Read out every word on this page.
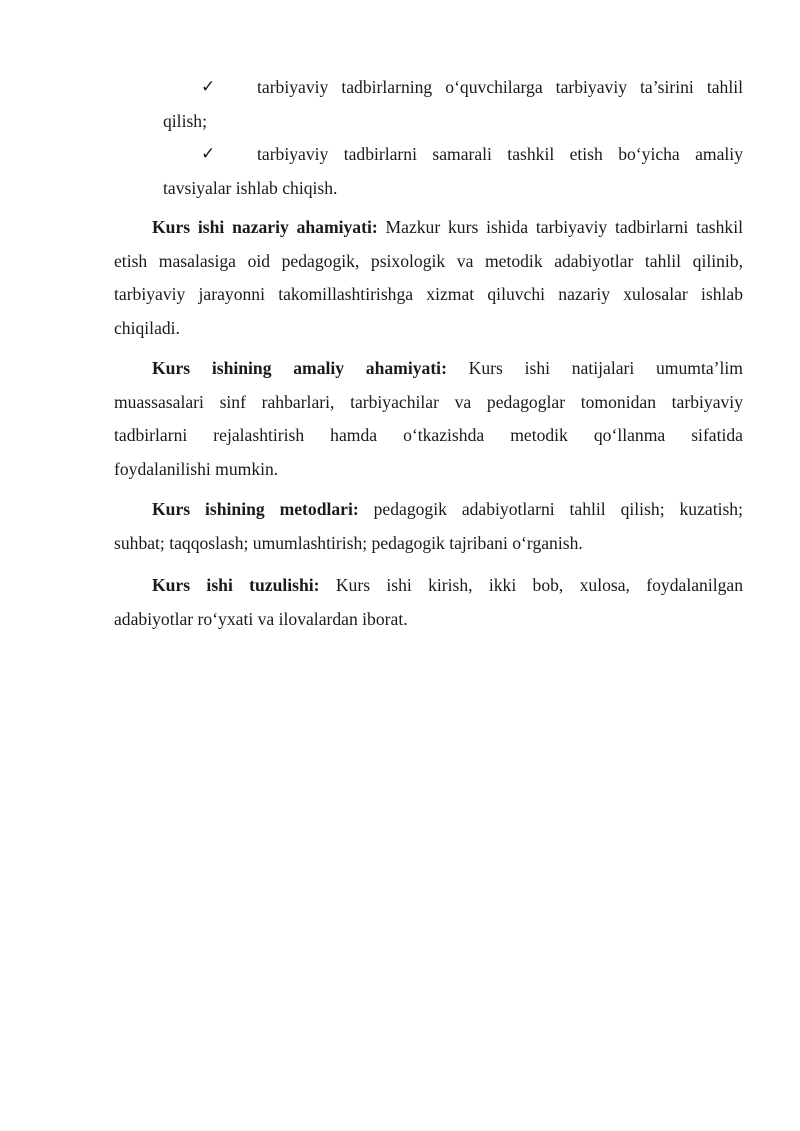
✓ tarbiyaviy tadbirlarning o‘quvchilarga tarbiyaviy ta’sirini tahlil
qilish;
✓ tarbiyaviy tadbirlarni samarali tashkil etish bo‘yicha amaliy
tavsiyalar ishlab chiqish.
Kurs ishi nazariy ahamiyati: Mazkur kurs ishida tarbiyaviy tadbirlarni tashkil
etish masalasiga oid pedagogik, psixologik va metodik adabiyotlar tahlil qilinib,
tarbiyaviy jarayonni takomillashtirishga xizmat qiluvchi nazariy xulosalar ishlab
chiqiladi.
Kurs ishining amaliy ahamiyati: Kurs ishi natijalari umumta’lim
muassasalari sinf rahbarlari, tarbiyachilar va pedagoglar tomonidan tarbiyaviy
tadbirlarni rejalashtirish hamda o‘tkazishda metodik qo‘llanma sifatida
foydalanilishi mumkin.
Kurs ishining metodlari: pedagogik adabiyotlarni tahlil qilish; kuzatish;
suhbat; taqqoslash; umumlashtirish; pedagogik tajribani o‘rganish.
Kurs ishi tuzulishi: Kurs ishi kirish, ikki bob, xulosa, foydalanilgan
adabiyotlar ro‘yxati va ilovalardan iborat.
